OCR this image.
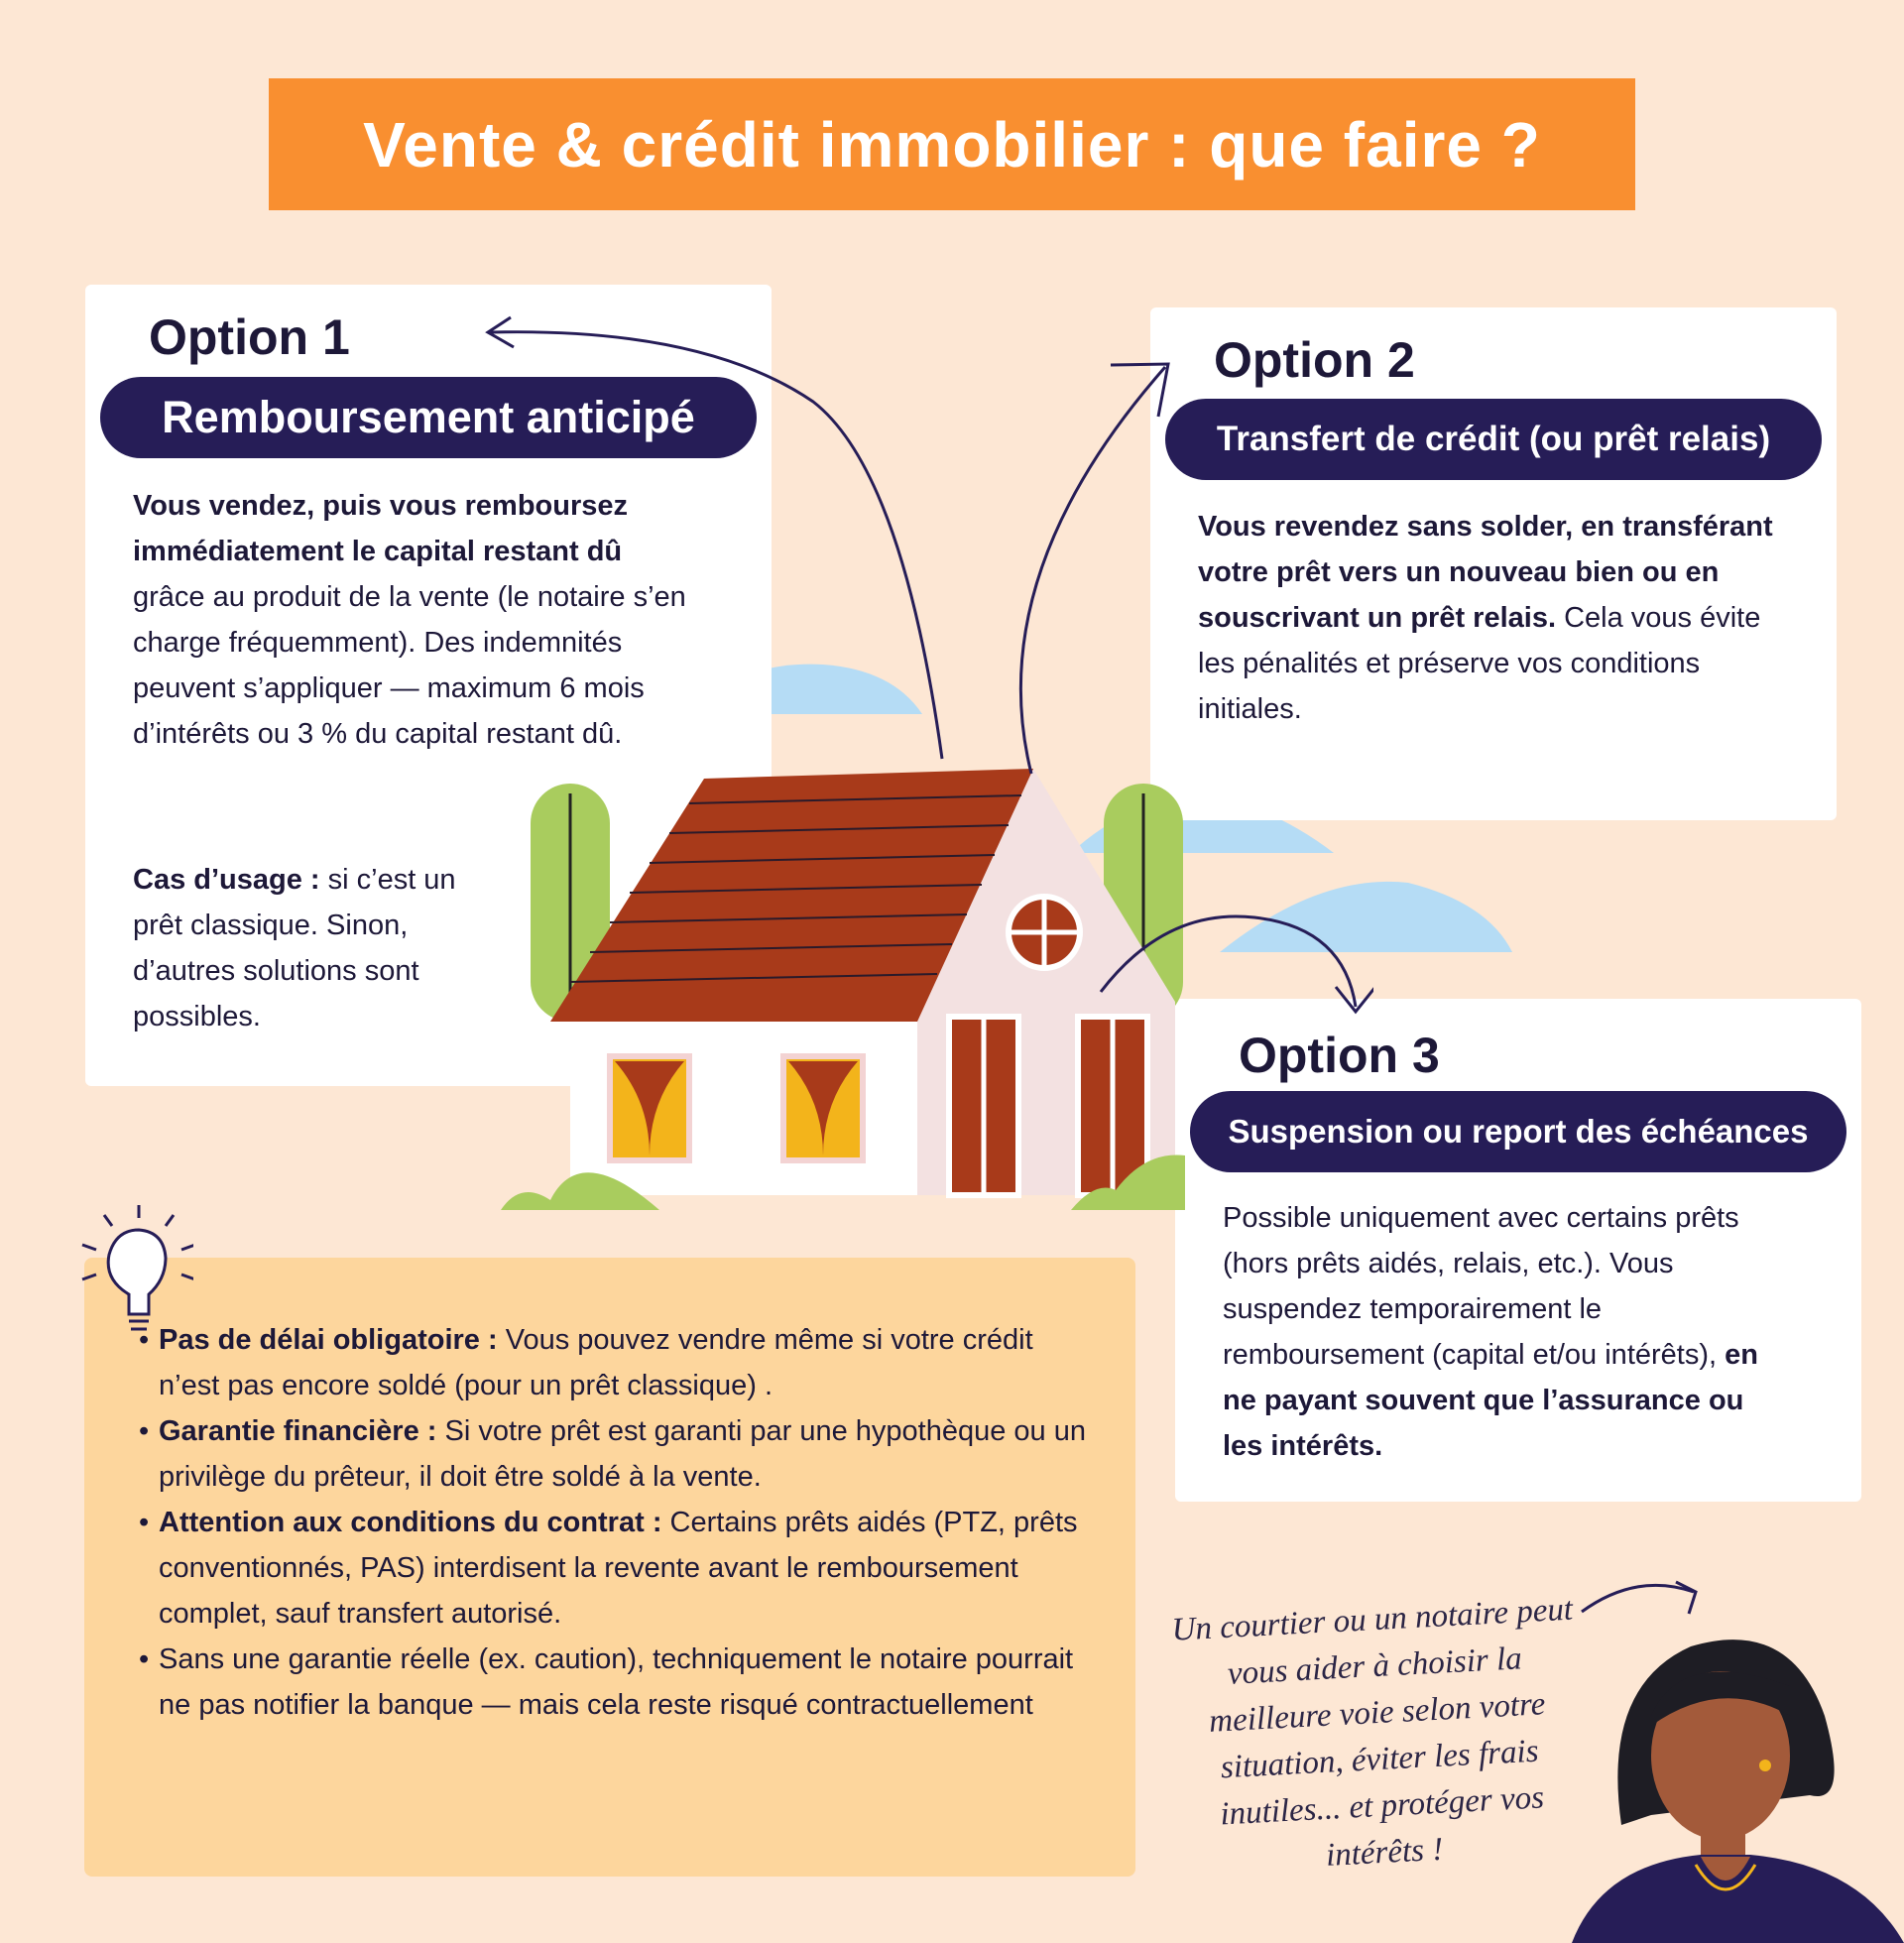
Vente & crédit immobilier : que faire ?
Option 1
Remboursement anticipé
Vous vendez, puis vous remboursez immédiatement le capital restant dû grâce au produit de la vente (le notaire s’en charge fréquemment). Des indemnités peuvent s’appliquer — maximum 6 mois d’intérêts ou 3 % du capital restant dû.
Cas d’usage : si c’est un prêt classique. Sinon, d’autres solutions sont possibles.
Option 2
Transfert de crédit (ou prêt relais)
Vous revendez sans solder, en transférant votre prêt vers un nouveau bien ou en souscrivant un prêt relais. Cela vous évite les pénalités et préserve vos conditions initiales.
Option 3
Suspension ou report des échéances
Possible uniquement avec certains prêts (hors prêts aidés, relais, etc.). Vous suspendez temporairement le remboursement (capital et/ou intérêts), en ne payant souvent que l’assurance ou les intérêts.
• Pas de délai obligatoire : Vous pouvez vendre même si votre crédit n’est pas encore soldé (pour un prêt classique) .
• Garantie financière : Si votre prêt est garanti par une hypothèque ou un privilège du prêteur, il doit être soldé à la vente.
• Attention aux conditions du contrat : Certains prêts aidés (PTZ, prêts conventionnés, PAS) interdisent la revente avant le remboursement complet, sauf transfert autorisé.
• Sans une garantie réelle (ex. caution), techniquement le notaire pourrait ne pas notifier la banque — mais cela reste risqué contractuellement
Un courtier ou un notaire peut vous aider à choisir la meilleure voie selon votre situation, éviter les frais inutiles... et protéger vos intérêts !
